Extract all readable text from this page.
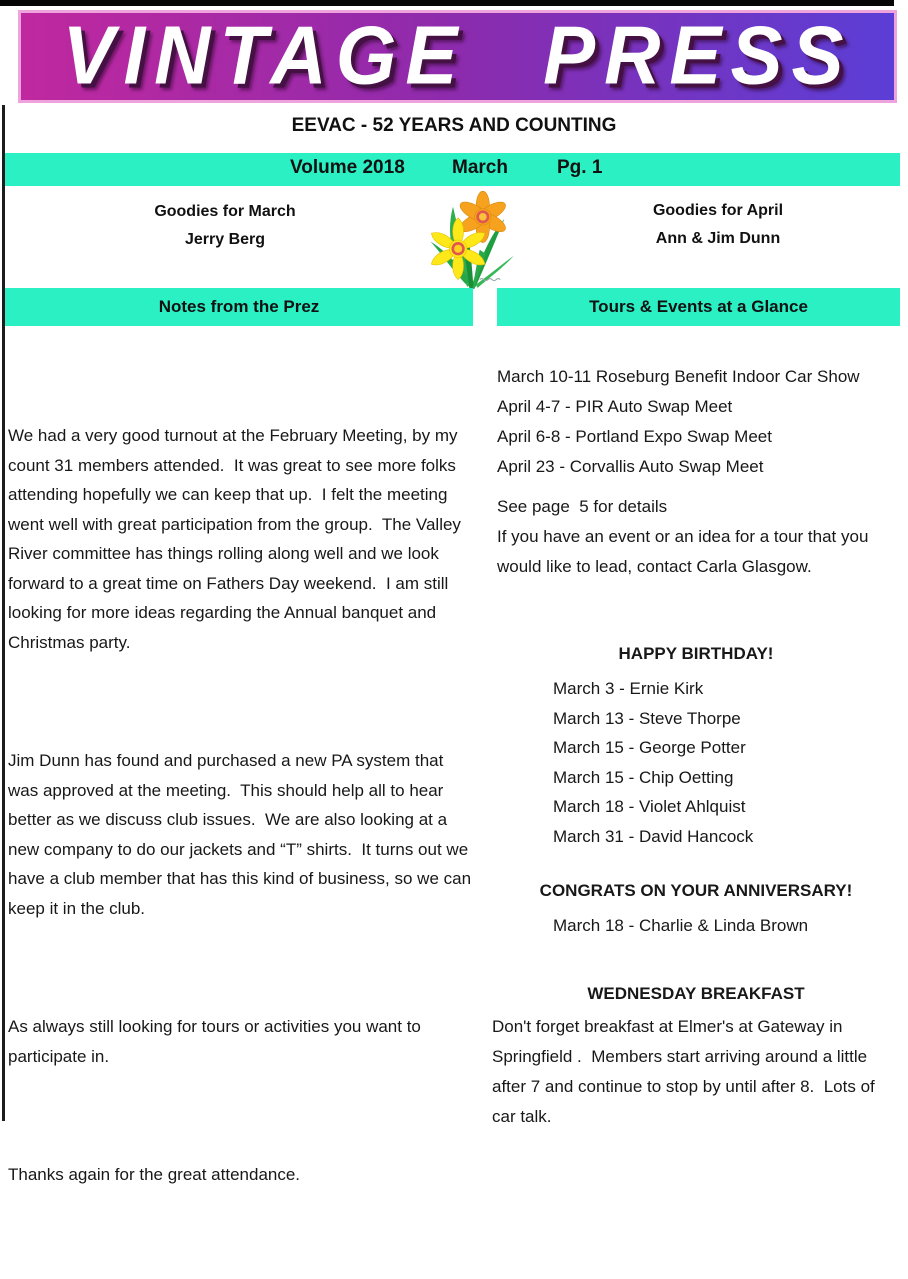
VINTAGE PRESS
EEVAC - 52 YEARS AND COUNTING
Volume 2018 March	Pg. 1
Goodies for March
Jerry Berg
Goodies for April
Ann & Jim Dunn
Notes from the Prez	Tours & Events at a Glance

We had a very good turnout at the February Meeting, by my count 31 members attended.  It was great to see more folks attending hopefully we can keep that up.  I felt the meeting went well with great participation from the group.  The Valley River committee has things rolling along well and we look forward to a great time on Fathers Day weekend.  I am still looking for more ideas regarding the Annual banquet and Christmas party.

Jim Dunn has found and purchased a new PA system that was approved at the meeting.  This should help all to hear better as we discuss club issues.  We are also looking at a new company to do our jackets and “T” shirts.  It turns out we have a club member that has this kind of business, so we can keep it in the club.

As always still looking for tours or activities you want to participate in.

Thanks again for the great attendance.

March 10-11 Roseburg Benefit Indoor Car Show
April 4-7 - PIR Auto Swap Meet
April 6-8 - Portland Expo Swap Meet
April 23 - Corvallis Auto Swap Meet
See page  5 for details
If you have an event or an idea for a tour that you would like to lead, contact Carla Glasgow.
HAPPY BIRTHDAY!
March 3 - Ernie Kirk
March 13 - Steve Thorpe
March 15 - George Potter
March 15 - Chip Oetting
March 18 - Violet Ahlquist
March 31 - David Hancock
CONGRATS ON YOUR ANNIVERSARY!
March 18 - Charlie & Linda Brown
WEDNESDAY BREAKFAST
Don't forget breakfast at Elmer's at Gateway in Springfield .  Members start arriving around a little after 7 and continue to stop by until after 8.  Lots of car talk.
